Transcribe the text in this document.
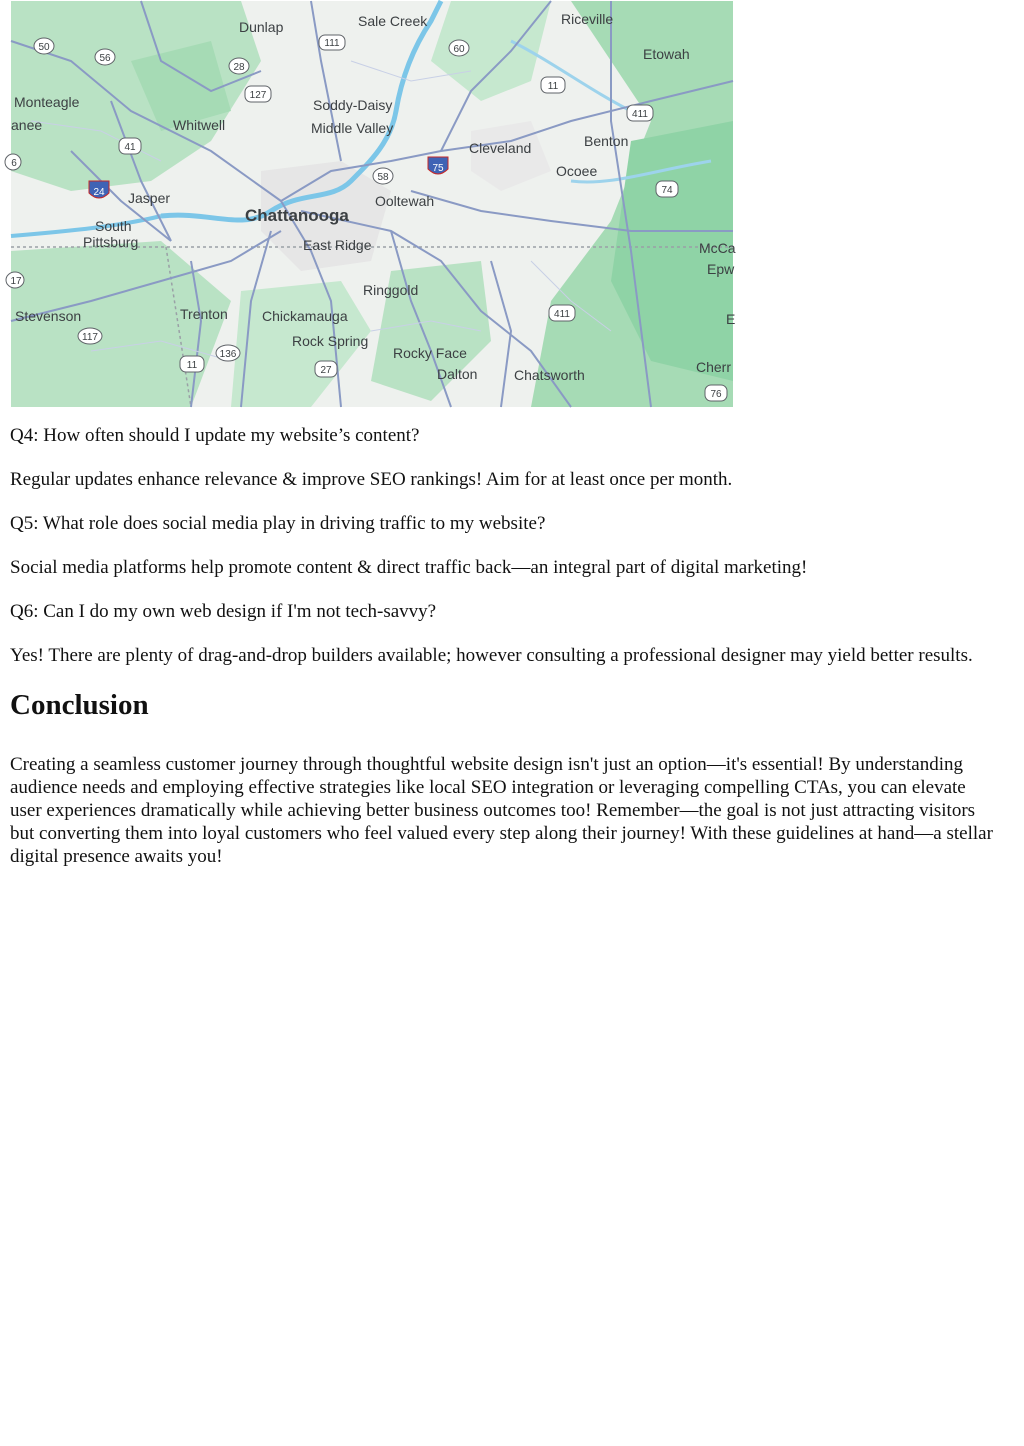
50
56
111
60
11
28
127
411
41
75
58
74
24
6
17
411
117
136
11	27
76
Dunlap	Sale Creek	Riceville
Etowah
Monteagle
anee	Whitwell
Soddy-Daisy
Middle Valley
Cleveland	Benton
Ocoee
Jasper	Ooltewah
Chattanooga
South
Pittsburg	East Ridge	McCa
Epw
Ringgold
Stevenson	Trenton Chickamauga
Rock Spring
Rocky Face
Dalton	Chatsworth	Cherr
E

Q4: How often should I update my website’s content?

Regular updates enhance relevance & improve SEO rankings! Aim for at least once per month.

Q5: What role does social media play in driving traffic to my website?

Social media platforms help promote content & direct traffic back—an integral part of digital marketing!

Q6: Can I do my own web design if I'm not tech-savvy?

Yes! There are plenty of drag-and-drop builders available; however consulting a professional designer may yield better results.

Conclusion

Creating a seamless customer journey through thoughtful website design isn't just an option—it's essential! By understanding audience needs and employing effective strategies like local SEO integration or leveraging compelling CTAs, you can elevate user experiences dramatically while achieving better business outcomes too! Remember—the goal is not just attracting visitors but converting them into loyal customers who feel valued every step along their journey! With these guidelines at hand—a stellar digital presence awaits you!
